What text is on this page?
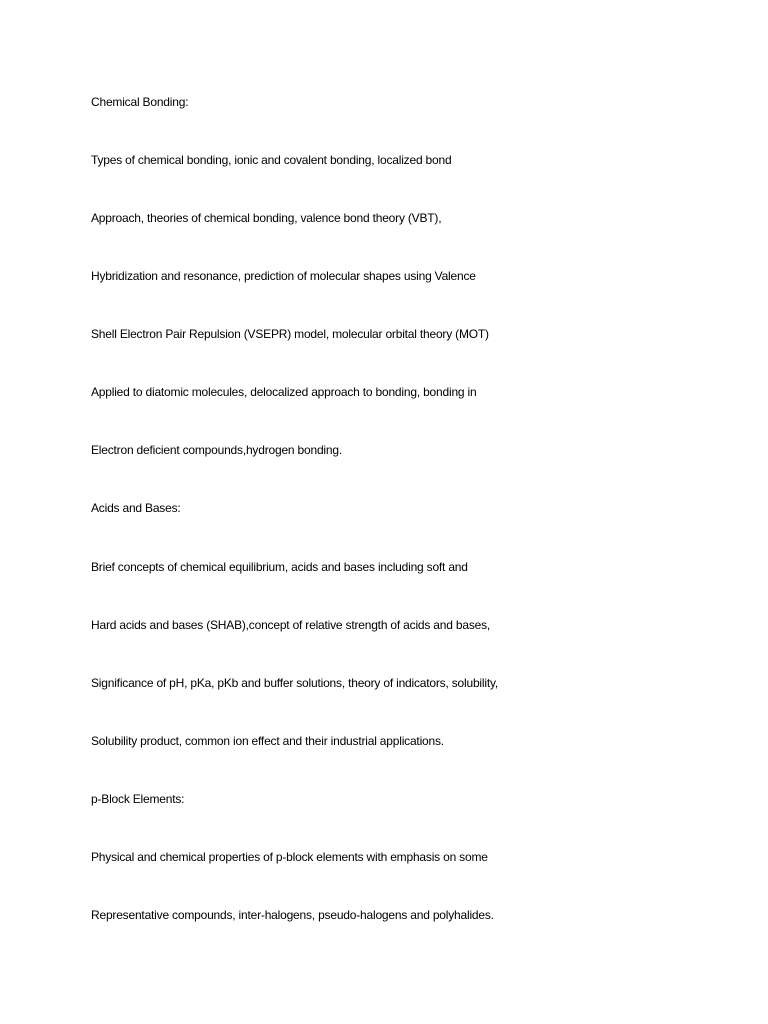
Chemical Bonding:

Types of chemical bonding, ionic and covalent bonding, localized bond

Approach, theories of chemical bonding, valence bond theory (VBT),

Hybridization and resonance, prediction of molecular shapes using Valence

Shell Electron Pair Repulsion (VSEPR) model, molecular orbital theory (MOT)

Applied to diatomic molecules, delocalized approach to bonding, bonding in

Electron deficient compounds,hydrogen bonding.

Acids and Bases:

Brief concepts of chemical equilibrium, acids and bases including soft and

Hard acids and bases (SHAB),concept of relative strength of acids and bases,

Significance of pH, pKa, pKb and buffer solutions, theory of indicators, solubility,

Solubility product, common ion effect and their industrial applications.

p-Block Elements:

Physical and chemical properties of p-block elements with emphasis on some

Representative compounds, inter-halogens, pseudo-halogens and polyhalides.
